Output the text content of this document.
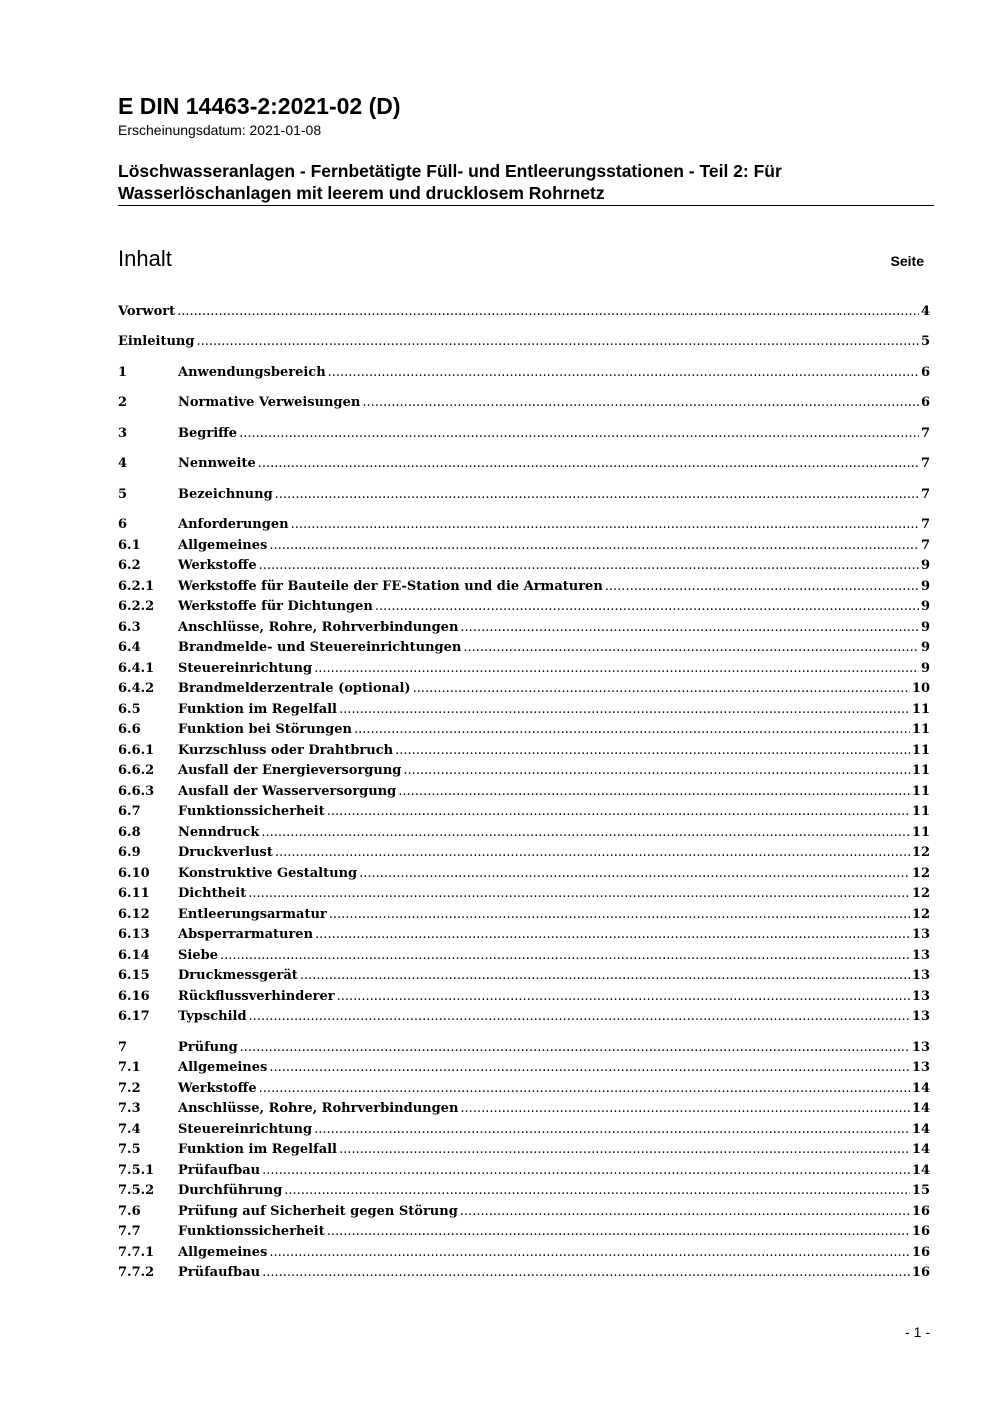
E DIN 14463-2:2021-02 (D)
Erscheinungsdatum: 2021-01-08
Löschwasseranlagen - Fernbetätigte Füll- und Entleerungsstationen - Teil 2: Für Wasserlöschanlagen mit leerem und drucklosem Rohrnetz
Inhalt	Seite
Vorwort .....	4
Einleitung .....	5
1	Anwendungsbereich .....	6
2	Normative Verweisungen .....	6
3	Begriffe .....	7
4	Nennweite .....	7
5	Bezeichnung .....	7
6	Anforderungen .....	7
6.1	Allgemeines .....	7
6.2	Werkstoffe .....	9
6.2.1	Werkstoffe für Bauteile der FE-Station und die Armaturen .....	9
6.2.2	Werkstoffe für Dichtungen .....	9
6.3	Anschlüsse, Rohre, Rohrverbindungen .....	9
6.4	Brandmelde- und Steuereinrichtungen .....	9
6.4.1	Steuereinrichtung .....	9
6.4.2	Brandmelderzentrale (optional) .....	10
6.5	Funktion im Regelfall .....	11
6.6	Funktion bei Störungen .....	11
6.6.1	Kurzschluss oder Drahtbruch .....	11
6.6.2	Ausfall der Energieversorgung .....	11
6.6.3	Ausfall der Wasserversorgung .....	11
6.7	Funktionssicherheit .....	11
6.8	Nenndruck .....	11
6.9	Druckverlust .....	12
6.10	Konstruktive Gestaltung .....	12
6.11	Dichtheit .....	12
6.12	Entleerungsarmatur .....	12
6.13	Absperrarmaturen .....	13
6.14	Siebe .....	13
6.15	Druckmessgerät .....	13
6.16	Rückflussverhinderer .....	13
6.17	Typschild .....	13
7	Prüfung .....	13
7.1	Allgemeines .....	13
7.2	Werkstoffe .....	14
7.3	Anschlüsse, Rohre, Rohrverbindungen .....	14
7.4	Steuereinrichtung .....	14
7.5	Funktion im Regelfall .....	14
7.5.1	Prüfaufbau .....	14
7.5.2	Durchführung .....	15
7.6	Prüfung auf Sicherheit gegen Störung .....	16
7.7	Funktionssicherheit .....	16
7.7.1	Allgemeines .....	16
7.7.2	Prüfaufbau .....	16
- 1 -
